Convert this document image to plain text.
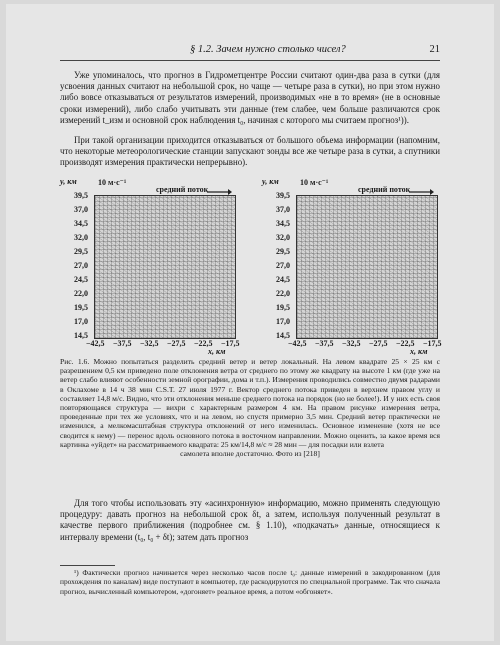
§ 1.2. Зачем нужно столько чисел?	21
Уже упоминалось, что прогноз в Гидрометцентре России считают один-два раза в сутки (для усвоения данных считают на небольшой срок, но чаще — четыре раза в сутки), но при этом нужно либо вовсе отказываться от результатов измерений, производимых «не в то время» (не в основные сроки измерений), либо слабо учитывать эти данные (тем слабее, чем больше различаются срок измерений t_изм и основной срок наблюдения t₀, начиная с которого мы считаем прогноз¹)).
При такой организации приходится отказываться от большого объема информации (напомним, что некоторые метеорологические станции запускают зонды все же четыре раза в сутки, а спутники производят измерения практически непрерывно).
y, км	10 м·с⁻¹
средний поток
39,5
37,0
34,5
32,0
29,5
27,0
24,5
22,0
19,5
17,0
14,5
y, км	10 м·с⁻¹
средний поток
39,5
37,0
34,5
32,0
29,5
27,0
24,5
22,0
19,5
17,0
14,5
−42,5 −37,5 −32,5 −27,5 −22,5 −17,5	−42,5 −37,5 −32,5 −27,5 −22,5 −17,5
x, км	x, км
Рис. 1.6. Можно попытаться разделить средний ветер и ветер локальный. На левом квадрате 25 × 25 км с разрешением 0,5 км приведено поле отклонения ветра от среднего по этому же квадрату на высоте 1 км (где уже на ветер слабо влияют особенности земной орографии, дома и т.п.). Измерения проводились совместно двумя радарами в Оклахоме в 14 ч 38 мин C.S.T. 27 июля 1977 г. Вектор среднего потока приведен в верхнем правом углу и составляет 14,8 м/с. Видно, что эти отклонения меньше среднего потока на порядок (но не более!). И у них есть своя повторяющаяся структура — вихри с характерным размером 4 км. На правом рисунке измерения ветра, проведенные при тех же условиях, что и на левом, но спустя примерно 3,5 мин. Средний ветер практически не изменился, а мелкомасштабная структура отклонений от него изменилась. Основное изменение (хотя не все сводится к нему) — перенос вдоль основного потока в восточном направлении. Можно оценить, за какое время вся картинка «уйдет» на рассматриваемого квадрата: 25 км/14,8 м/с ≈ 28 мин — для посадки или взлета
самолета вполне достаточно. Фото из [218]
Для того чтобы использовать эту «асинхронную» информацию, можно применять следующую процедуру: давать прогноз на небольшой срок δt, а затем, используя полученный результат в качестве первого приближения (подробнее см. § 1.10), «подкачать» данные, относящиеся к интервалу времени (t₀, t₀ + δt); затем дать прогноз
¹) Фактически прогноз начинается через несколько часов после t₀: данные измерений в закодированном (для прохождения по каналам) виде поступают в компьютер, где раскодируются по специальной программе. Так что сначала прогноз, вычисленный компьютером, «догоняет» реальное время, а потом «обгоняет».
